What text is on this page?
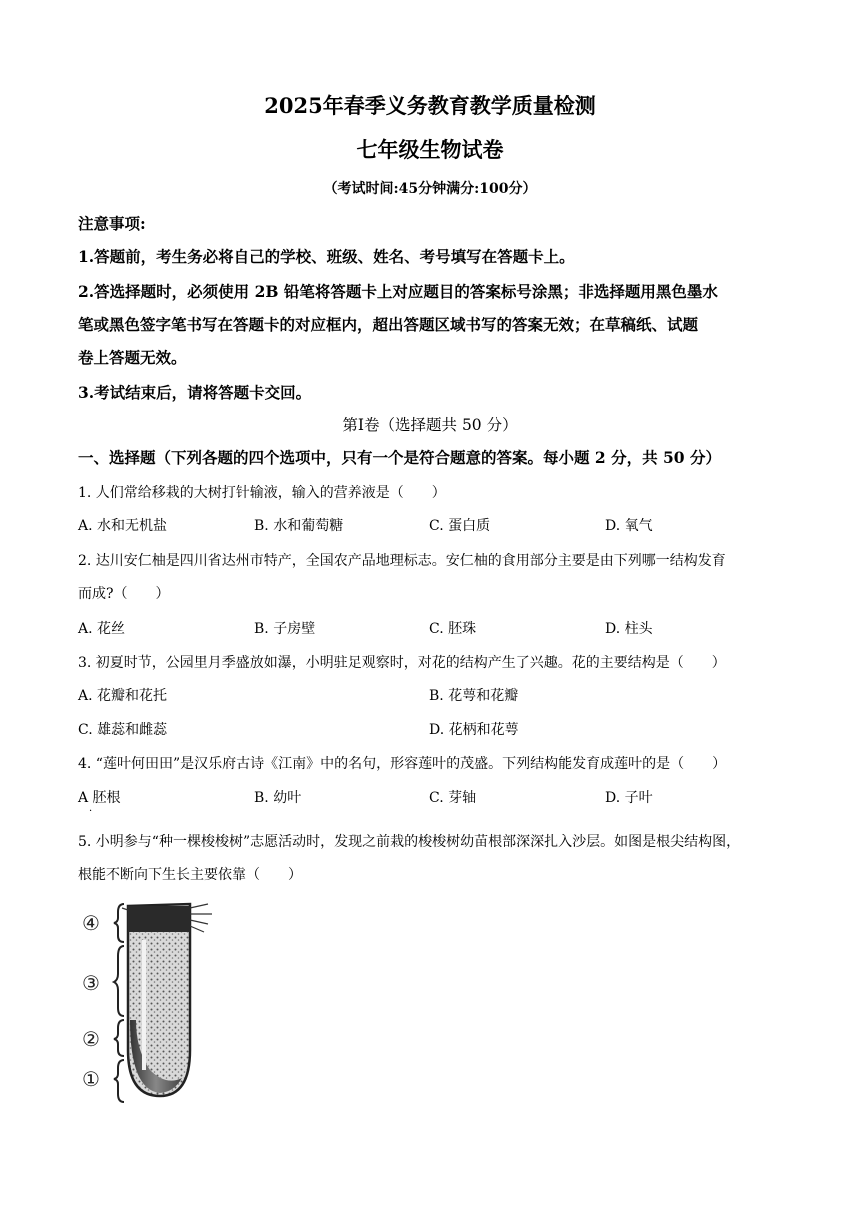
2025年春季义务教育教学质量检测
七年级生物试卷
（考试时间:45分钟满分:100分）
注意事项:
1.答题前，考生务必将自己的学校、班级、姓名、考号填写在答题卡上。
2.答选择题时，必须使用 2B 铅笔将答题卡上对应题目的答案标号涂黑；非选择题用黑色墨水
笔或黑色签字笔书写在答题卡的对应框内，超出答题区域书写的答案无效；在草稿纸、试题
卷上答题无效。
3.考试结束后，请将答题卡交回。
第Ⅰ卷（选择题共 50 分）
一、选择题（下列各题的四个选项中，只有一个是符合题意的答案。每小题 2 分，共 50 分）
1. 人们常给移栽的大树打针输液，输入的营养液是（　　）
A. 水和无机盐	B. 水和葡萄糖	C. 蛋白质	D. 氧气
2. 达川安仁柚是四川省达州市特产，全国农产品地理标志。安仁柚的食用部分主要是由下列哪一结构发育
而成?（　　）
A. 花丝	B. 子房壁	C. 胚珠	D. 柱头
3. 初夏时节，公园里月季盛放如瀑，小明驻足观察时，对花的结构产生了兴趣。花的主要结构是（　　）
A. 花瓣和花托	B. 花萼和花瓣
C. 雄蕊和雌蕊	D. 花柄和花萼
4. “莲叶何田田”是汉乐府古诗《江南》中的名句，形容莲叶的茂盛。下列结构能发育成莲叶的是（　　）
A 胚根
·
B. 幼叶	C. 芽轴	D. 子叶
5. 小明参与“种一棵梭梭树”志愿活动时，发现之前栽的梭梭树幼苗根部深深扎入沙层。如图是根尖结构图，
根能不断向下生长主要依靠（　　）
④
③
②
①
